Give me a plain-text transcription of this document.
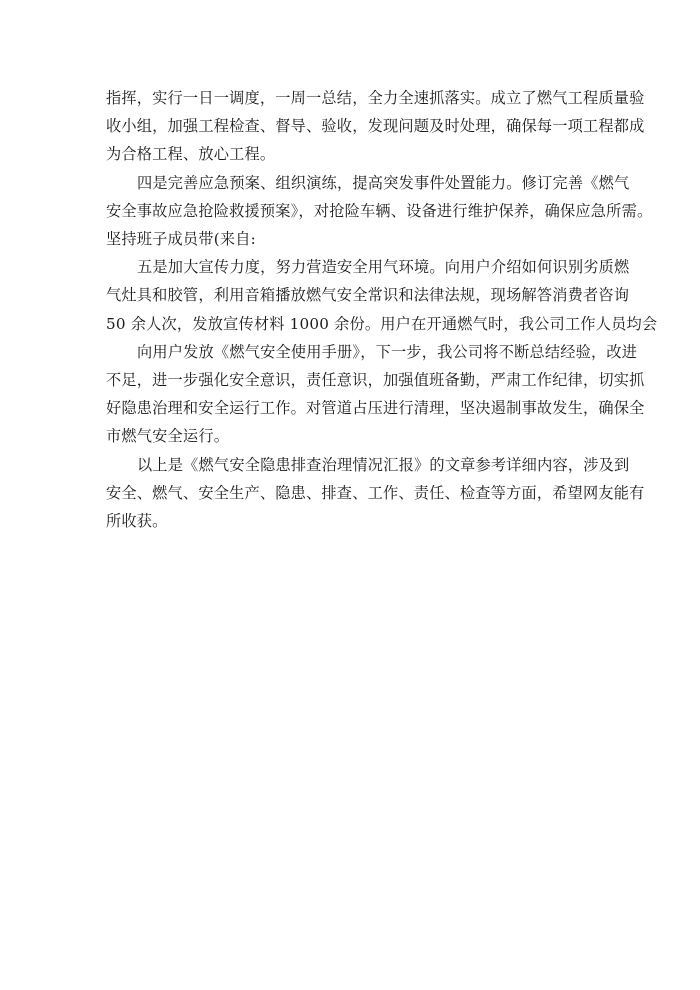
指挥，实行一日一调度，一周一总结，全力全速抓落实。成立了燃气工程质量验
收小组，加强工程检查、督导、验收，发现问题及时处理，确保每一项工程都成
为合格工程、放心工程。

四是完善应急预案、组织演练，提高突发事件处置能力。修订完善《燃气
安全事故应急抢险救援预案》，对抢险车辆、设备进行维护保养，确保应急所需。
坚持班子成员带(来自:

五是加大宣传力度，努力营造安全用气环境。向用户介绍如何识别劣质燃
气灶具和胶管，利用音箱播放燃气安全常识和法律法规，现场解答消费者咨询
50 余人次，发放宣传材料 1000 余份。用户在开通燃气时，我公司工作人员均会

向用户发放《燃气安全使用手册》，下一步，我公司将不断总结经验，改进
不足，进一步强化安全意识，责任意识，加强值班备勤，严肃工作纪律，切实抓
好隐患治理和安全运行工作。对管道占压进行清理，坚决遏制事故发生，确保全
市燃气安全运行。

以上是《燃气安全隐患排查治理情况汇报》的文章参考详细内容，涉及到
安全、燃气、安全生产、隐患、排查、工作、责任、检查等方面，希望网友能有
所收获。
